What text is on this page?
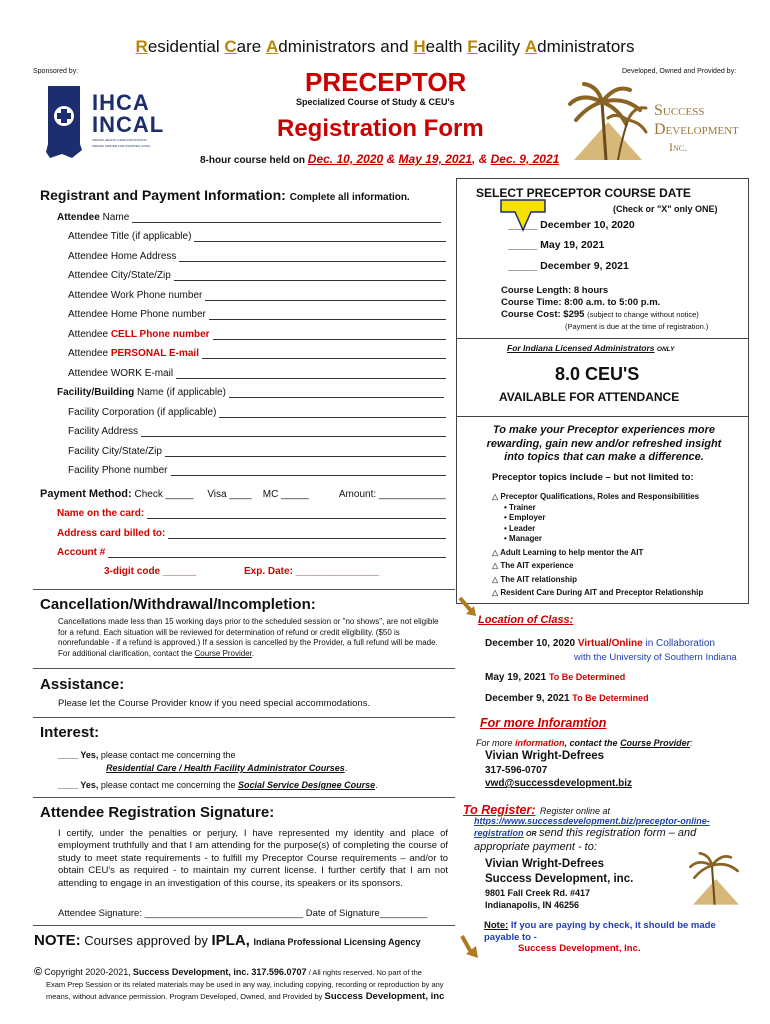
Residential Care Administrators and Health Facility Administrators
Sponsored by:	Developed, Owned and Provided by:
PRECEPTOR
Specialized Course of Study & CEU's
Registration Form
8-hour course held on Dec. 10, 2020 & May 19, 2021, & Dec. 9, 2021
IHCA
INCAL
INDIANA HEALTH CARE ASSOCIATION
INDIANA CENTER FOR ASSISTED LIVING
Success
Development
Inc.
Registrant and Payment Information: Complete all information.
Attendee Name
Attendee Title (if applicable)
Attendee Home Address
Attendee City/State/Zip
Attendee Work Phone number
Attendee Home Phone number
Attendee CELL Phone number
Attendee PERSONAL E-mail
Attendee WORK E-mail
Facility/Building Name (if applicable)
Facility Corporation (if applicable)
Facility Address
Facility City/State/Zip
Facility Phone number
Payment Method: Check _____ Visa ____ MC _____	Amount: ____________
Name on the card:
Address card billed to:
Account #
3-digit code ______	Exp. Date: _______________
Cancellation/Withdrawal/Incompletion:
Cancellations made less than 15 working days prior to the scheduled session or "no shows", are not eligible for a refund. Each situation will be reviewed for determination of refund or credit eligibility. ($50 is nonrefundable - if a refund is approved.) If a session is cancelled by the Provider, a full refund will be made. For additional clarification, contact the Course Provider.
Assistance:
Please let the Course Provider know if you need special accommodations.
Interest:
____ Yes, please contact me concerning the
Residential Care / Health Facility Administrator Courses.
____ Yes, please contact me concerning the Social Service Designee Course.
Attendee Registration Signature:
I certify, under the penalties or perjury, I have represented my identity and place of employment truthfully and that I am attending for the purpose(s) of completing the course of study to meet state requirements - to fulfill my Preceptor Course requirements – and/or to obtain CEU's as required - to maintain my current license. I further certify that I am not attending to engage in an investigation of this course, its speakers or its sponsors.
Attendee Signature: ______________________________ Date of Signature_________
NOTE: Courses approved by IPLA, Indiana Professional Licensing Agency
© Copyright 2020-2021, Success Development, inc. 317.596.0707 / All rights reserved. No part of the
Exam Prep Session or its related materials may be used in any way, including copying, recording or reproduction by any
means, without advance permission. Program Developed, Owned, and Provided by Success Development, inc
SELECT PRECEPTOR COURSE DATE
(Check or "X" only ONE)
_____ December 10, 2020
_____ May 19, 2021
_____ December 9, 2021
Course Length: 8 hours
Course Time: 8:00 a.m. to 5:00 p.m.
Course Cost: $295 (subject to change without notice)
(Payment is due at the time of registration.)
For Indiana Licensed Administrators ONLY
8.0 CEU'S
AVAILABLE FOR ATTENDANCE
To make your Preceptor experiences more rewarding, gain new and/or refreshed insight into topics that can make a difference.
Preceptor topics include – but not limited to:
△ Preceptor Qualifications, Roles and Responsibilities
• Trainer
• Employer
• Leader
• Manager
△ Adult Learning to help mentor the AIT
△ The AIT experience
△ The AIT relationship
△ Resident Care During AIT and Preceptor Relationship
Location of Class:
December 10, 2020 Virtual/Online in Collaboration
with the University of Southern Indiana
May 19, 2021 To Be Determined
December 9, 2021 To Be Determined
For more Inforamtion
For more information, contact the Course Provider:
Vivian Wright-Defrees
317-596-0707
vwd@successdevelopment.biz
To Register: Register online at
https://www.successdevelopment.biz/preceptor-online-
registration OR send this registration form – and appropriate payment - to:
Vivian Wright-Defrees
Success Development, inc.
9801 Fall Creek Rd. #417
Indianapolis, IN 46256
Note: If you are paying by check, it should be made payable to -
Success Development, Inc.
